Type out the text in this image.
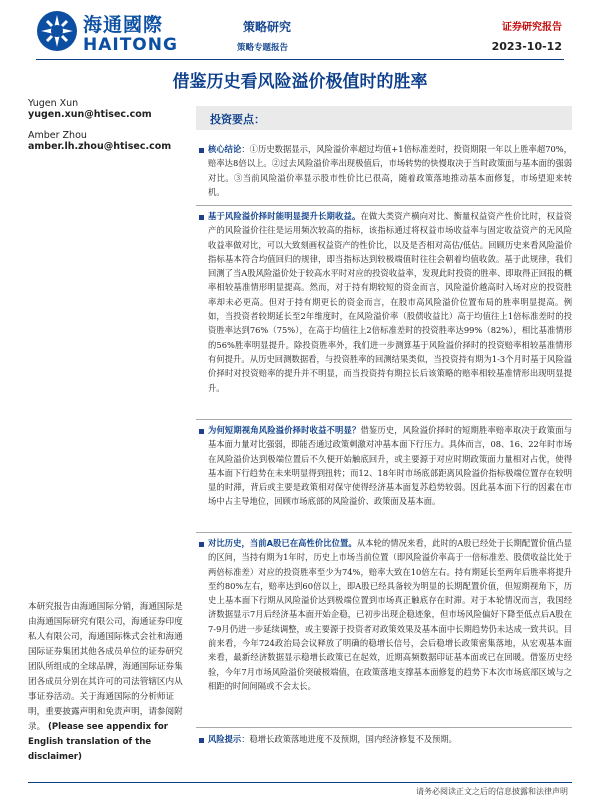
海通國際
HAITONG
策略研究
策略专题报告
证券研究报告
2023-10-12
借鉴历史看风险溢价极值时的胜率
Yugen Xun
yugen.xun@htisec.com
Amber Zhou
amber.lh.zhou@htisec.com
投资要点：
核心结论：①历史数据显示，风险溢价率超过均值+1倍标准差时，投资期限一年以上胜率超70%，赔率达8倍以上。②过去风险溢价率出现极值后，市场转势的快慢取决于当时政策面与基本面的强弱对比。③当前风险溢价率显示股市性价比已很高，随着政策落地推动基本面修复，市场望迎来转机。
基于风险溢价择时能明显提升长期收益。在做大类资产横向对比、衡量权益资产性价比时，权益资产的风险溢价往往是运用频次较高的指标，该指标通过将权益市场收益率与固定收益资产的无风险收益率做对比，可以大致刻画权益资产的性价比，以及是否相对高估/低估。回顾历史来看风险溢价指标基本符合均值回归的规律，即当指标达到较极端值时往往会朝着均值收敛。基于此规律，我们回测了当A股风险溢价处于较高水平时对应的投资收益率，发现此时投资的胜率、即取得正回报的概率相较基准情形明显提高。然而，对于持有期较短的资金而言，风险溢价越高时入场对应的投资胜率却未必更高。但对于持有期更长的资金而言，在股市高风险溢价位置布局的胜率明显提高。例如，当投资者较期延长至2年维度时，在风险溢价率（股债收益比）高于均值往上1倍标准差时的投资胜率达到76%（75%），在高于均值往上2倍标准差时的投资胜率达99%（82%），相比基准情形的56%胜率明显提升。除投资胜率外，我们进一步测算基于风险溢价择时的投资赔率相较基准情形有何提升。从历史回测数据看，与投资胜率的回测结果类似，当投资持有期为1-3个月时基于风险溢价择时对投资赔率的提升并不明显，而当投资持有期拉长后该策略的赔率相较基准情形出现明显提升。
为何短期视角风险溢价择时收益不明显？借鉴历史，风险溢价择时的短期胜率赔率取决于政策面与基本面力量对比强弱，即能否通过政策刺激对冲基本面下行压力。具体而言，08、16、22年时市场在风险溢价达到极端位置后不久便开始触底回升，或主要源于对应时期政策面力量相对占优，使得基本面下行趋势在未来明显得到扭转；而12、18年时市场底部距离风险溢价指标极端位置存在较明显的时滞，背后或主要是政策相对保守使得经济基本面复苏趋势较弱。因此基本面下行的因素在市场中占主导地位，回顾市场底部的风险溢价、政策面及基本面。
对比历史，当前A股已在高性价比位置。从本轮的情况来看，此时的A股已经处于长期配置价值凸显的区间，当持有期为1年时，历史上市场当前位置（即风险溢价率高于一倍标准差、股债收益比处于两倍标准差）对应的投资胜率至少为74%，赔率大致在10倍左右。持有期延长至两年后胜率将提升至约80%左右，赔率达到60倍以上，即A股已经具备较为明显的长期配置价值，但短期视角下，历史上基本面下行期从风险溢价达到极端位置到市场真正触底存在时滞。对于本轮情况而言，我国经济数据显示7月后经济基本面开始企稳，已初步出现企稳迹象，但市场风险偏好下降至低点后A股在7-9月仍进一步延续调整，或主要源于投资者对政策效果及基本面中长期趋势仍未达成一致共识。目前来看，今年724政治局会议释放了明确的稳增长信号，会后稳增长政策密集落地，从宏观基本面来看，最新经济数据显示稳增长政策已在起效，近期高频数据印证基本面或已在回暖。借鉴历史经验，今年7月市场风险溢价突破极端值，在政策落地支撑基本面修复的趋势下本次市场底部区域与之相距的时间间隔或不会太长。
风险提示：稳增长政策落地进度不及预期，国内经济修复不及预期。
本研究报告由海通国际分销，海通国际是由海通国际研究有限公司，海通证券印度私人有限公司，海通国际株式会社和海通国际证券集团其他各成员单位的证券研究团队所组成的全球品牌，海通国际证券集团各成员分别在其许可的司法管辖区内从事证券活动。关于海通国际的分析师证明，重要披露声明和免责声明，请参阅附录。 (Please see appendix for English translation of the disclaimer)
请务必阅读正文之后的信息披露和法律声明
